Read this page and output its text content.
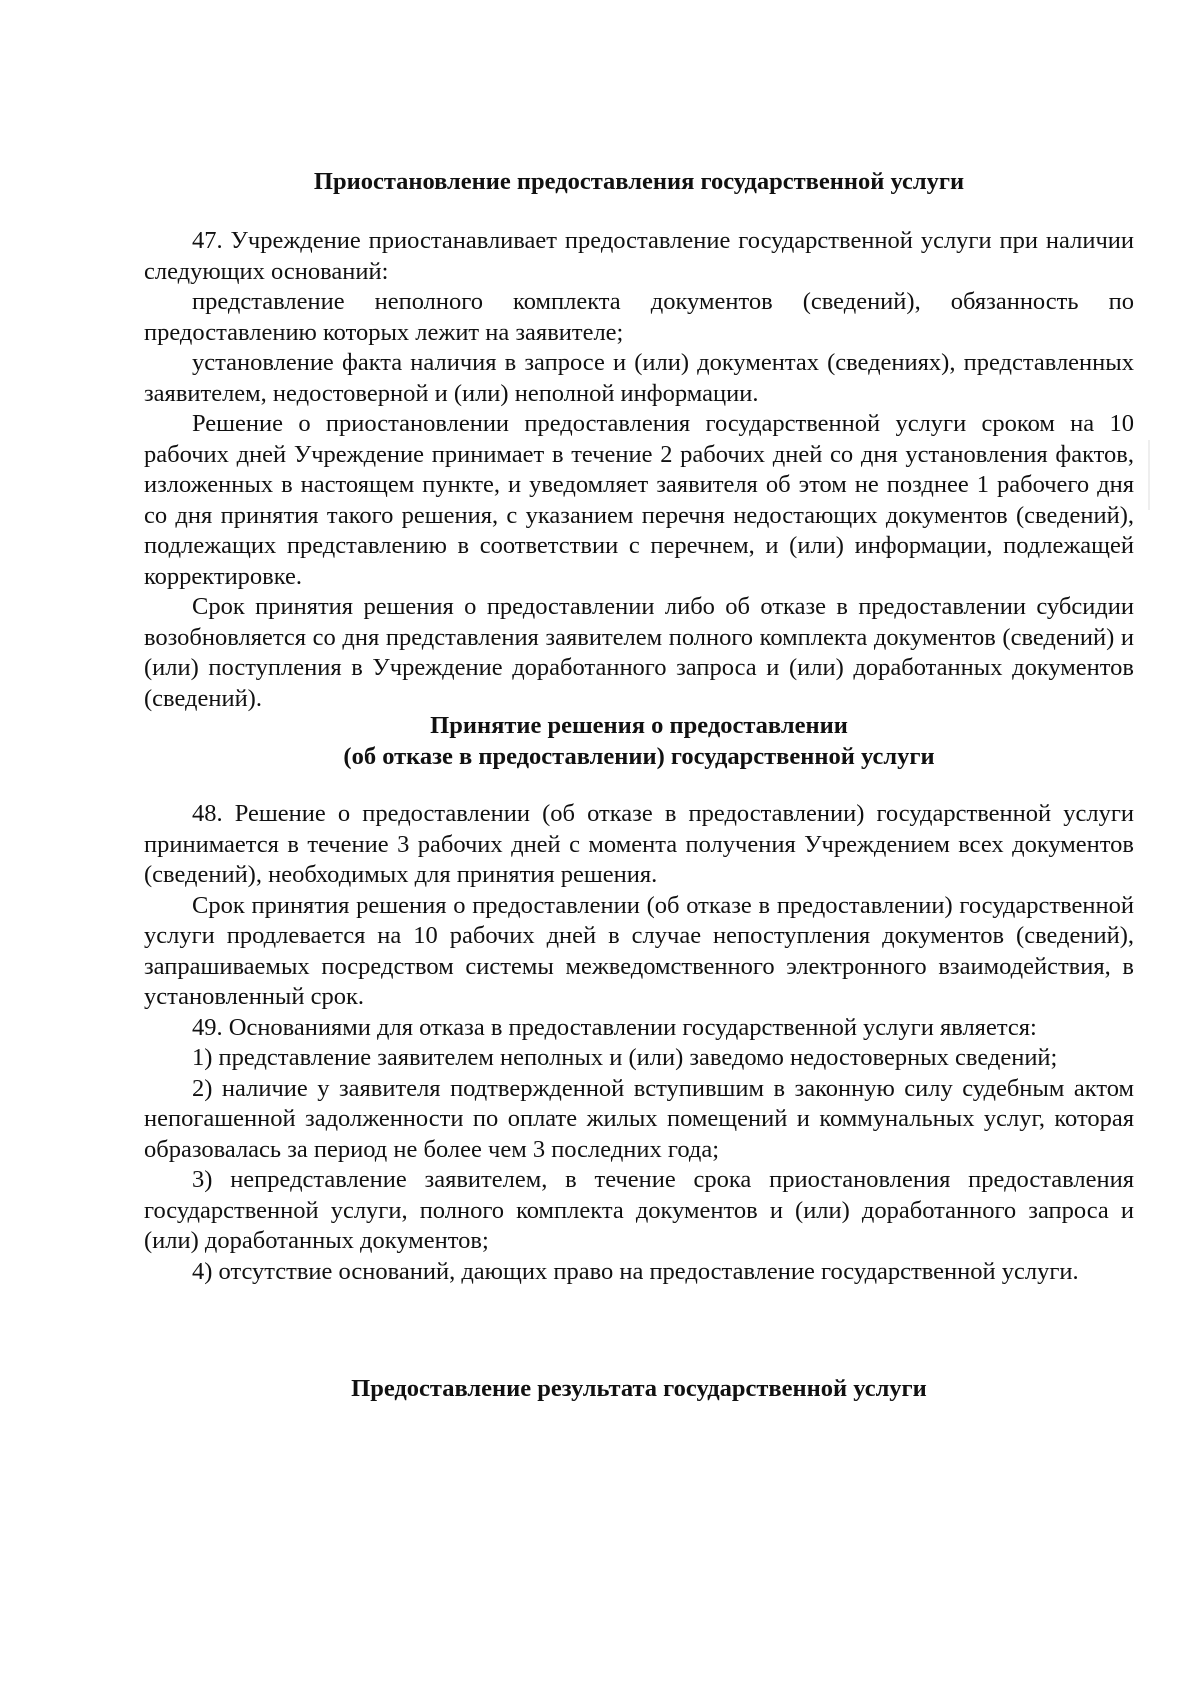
Приостановление предоставления государственной услуги

47. Учреждение приостанавливает предоставление государственной услуги при наличии следующих оснований:

представление неполного комплекта документов (сведений), обязанность по предоставлению которых лежит на заявителе;

установление факта наличия в запросе и (или) документах (сведениях), представленных заявителем, недостоверной и (или) неполной информации.

Решение о приостановлении предоставления государственной услуги сроком на 10 рабочих дней Учреждение принимает в течение 2 рабочих дней со дня установления фактов, изложенных в настоящем пункте, и уведомляет заявителя об этом не позднее 1 рабочего дня со дня принятия такого решения, с указанием перечня недостающих документов (сведений), подлежащих представлению в соответствии с перечнем, и (или) информации, подлежащей корректировке.

Срок принятия решения о предоставлении либо об отказе в предоставлении субсидии возобновляется со дня представления заявителем полного комплекта документов (сведений) и (или) поступления в Учреждение доработанного запроса и (или) доработанных документов (сведений).

Принятие решения о предоставлении
(об отказе в предоставлении) государственной услуги

48. Решение о предоставлении (об отказе в предоставлении) государственной услуги принимается в течение 3 рабочих дней с момента получения Учреждением всех документов (сведений), необходимых для принятия решения.

Срок принятия решения о предоставлении (об отказе в предоставлении) государственной услуги продлевается на 10 рабочих дней в случае непоступления документов (сведений), запрашиваемых посредством системы межведомственного электронного взаимодействия, в установленный срок.

49. Основаниями для отказа в предоставлении государственной услуги является:

1) представление заявителем неполных и (или) заведомо недостоверных сведений;

2) наличие у заявителя подтвержденной вступившим в законную силу судебным актом непогашенной задолженности по оплате жилых помещений и коммунальных услуг, которая образовалась за период не более чем 3 последних года;

3) непредставление заявителем, в течение срока приостановления предоставления государственной услуги, полного комплекта документов и (или) доработанного запроса и (или) доработанных документов;

4) отсутствие оснований, дающих право на предоставление государственной услуги.

Предоставление результата государственной услуги
